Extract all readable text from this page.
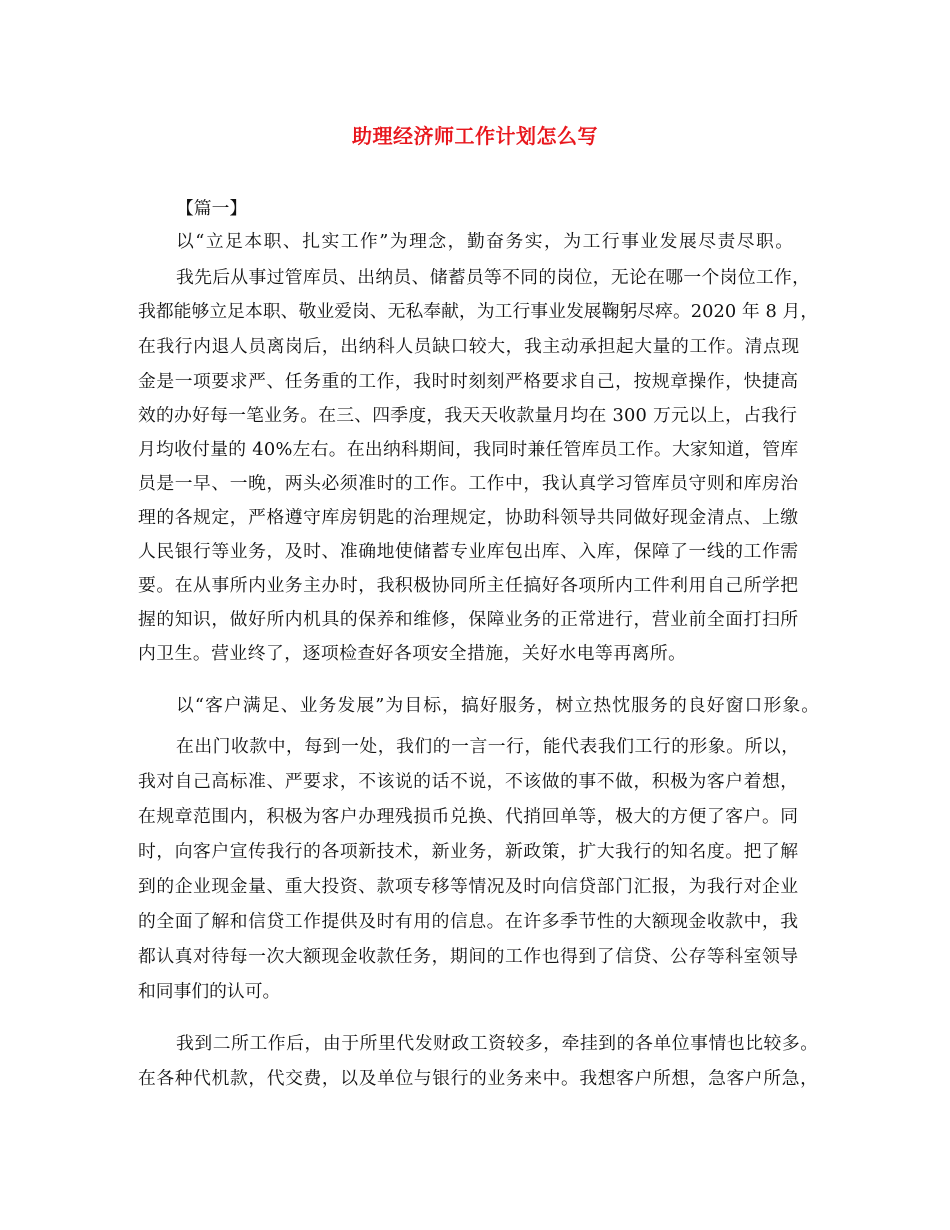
助理经济师工作计划怎么写
【篇一】
以“立足本职、扎实工作”为理念，勤奋务实，为工行事业发展尽责尽职。
我先后从事过管库员、出纳员、储蓄员等不同的岗位，无论在哪一个岗位工作，
我都能够立足本职、敬业爱岗、无私奉献，为工行事业发展鞠躬尽瘁。2020 年 8 月，
在我行内退人员离岗后，出纳科人员缺口较大，我主动承担起大量的工作。清点现
金是一项要求严、任务重的工作，我时时刻刻严格要求自己，按规章操作，快捷高
效的办好每一笔业务。在三、四季度，我天天收款量月均在 300 万元以上，占我行
月均收付量的 40%左右。在出纳科期间，我同时兼任管库员工作。大家知道，管库
员是一早、一晚，两头必须准时的工作。工作中，我认真学习管库员守则和库房治
理的各规定，严格遵守库房钥匙的治理规定，协助科领导共同做好现金清点、上缴
人民银行等业务，及时、准确地使储蓄专业库包出库、入库，保障了一线的工作需
要。在从事所内业务主办时，我积极协同所主任搞好各项所内工件利用自己所学把
握的知识，做好所内机具的保养和维修，保障业务的正常进行，营业前全面打扫所
内卫生。营业终了，逐项检查好各项安全措施，关好水电等再离所。
以“客户满足、业务发展”为目标，搞好服务，树立热忱服务的良好窗口形象。
在出门收款中，每到一处，我们的一言一行，能代表我们工行的形象。所以，
我对自己高标准、严要求，不该说的话不说，不该做的事不做，积极为客户着想，
在规章范围内，积极为客户办理残损币兑换、代捎回单等，极大的方便了客户。同
时，向客户宣传我行的各项新技术，新业务，新政策，扩大我行的知名度。把了解
到的企业现金量、重大投资、款项专移等情况及时向信贷部门汇报，为我行对企业
的全面了解和信贷工作提供及时有用的信息。在许多季节性的大额现金收款中，我
都认真对待每一次大额现金收款任务，期间的工作也得到了信贷、公存等科室领导
和同事们的认可。
我到二所工作后，由于所里代发财政工资较多，牵挂到的各单位事情也比较多。
在各种代机款，代交费，以及单位与银行的业务来中。我想客户所想，急客户所急，
